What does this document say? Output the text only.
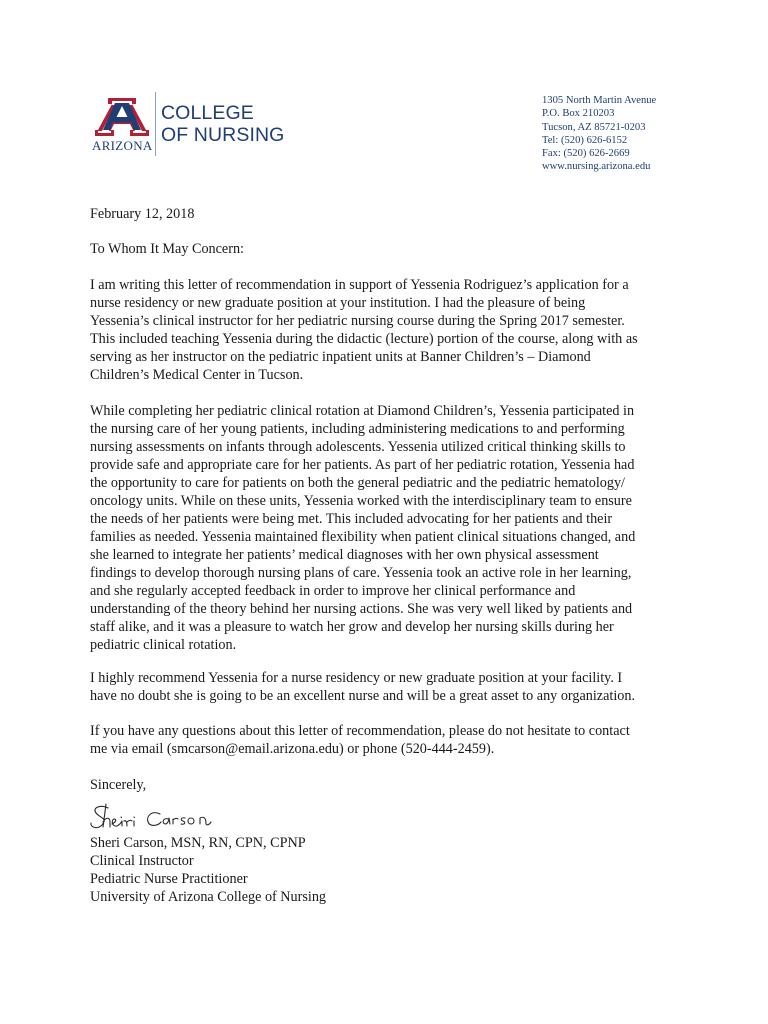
ARIZONA
COLLEGE
OF NURSING
1305 North Martin Avenue
P.O. Box 210203
Tucson, AZ 85721-0203
Tel: (520) 626-6152
Fax: (520) 626-2669
www.nursing.arizona.edu
February 12, 2018
To Whom It May Concern:
I am writing this letter of recommendation in support of Yessenia Rodriguez’s application for a
nurse residency or new graduate position at your institution. I had the pleasure of being
Yessenia’s clinical instructor for her pediatric nursing course during the Spring 2017 semester.
This included teaching Yessenia during the didactic (lecture) portion of the course, along with as
serving as her instructor on the pediatric inpatient units at Banner Children’s – Diamond
Children’s Medical Center in Tucson.
While completing her pediatric clinical rotation at Diamond Children’s, Yessenia participated in
the nursing care of her young patients, including administering medications to and performing
nursing assessments on infants through adolescents. Yessenia utilized critical thinking skills to
provide safe and appropriate care for her patients. As part of her pediatric rotation, Yessenia had
the opportunity to care for patients on both the general pediatric and the pediatric hematology/
oncology units. While on these units, Yessenia worked with the interdisciplinary team to ensure
the needs of her patients were being met. This included advocating for her patients and their
families as needed. Yessenia maintained flexibility when patient clinical situations changed, and
she learned to integrate her patients’ medical diagnoses with her own physical assessment
findings to develop thorough nursing plans of care. Yessenia took an active role in her learning,
and she regularly accepted feedback in order to improve her clinical performance and
understanding of the theory behind her nursing actions. She was very well liked by patients and
staff alike, and it was a pleasure to watch her grow and develop her nursing skills during her
pediatric clinical rotation.
I highly recommend Yessenia for a nurse residency or new graduate position at your facility. I
have no doubt she is going to be an excellent nurse and will be a great asset to any organization.
If you have any questions about this letter of recommendation, please do not hesitate to contact
me via email (smcarson@email.arizona.edu) or phone (520-444-2459).
Sincerely,
Sheri Carson, MSN, RN, CPN, CPNP
Clinical Instructor
Pediatric Nurse Practitioner
University of Arizona College of Nursing
